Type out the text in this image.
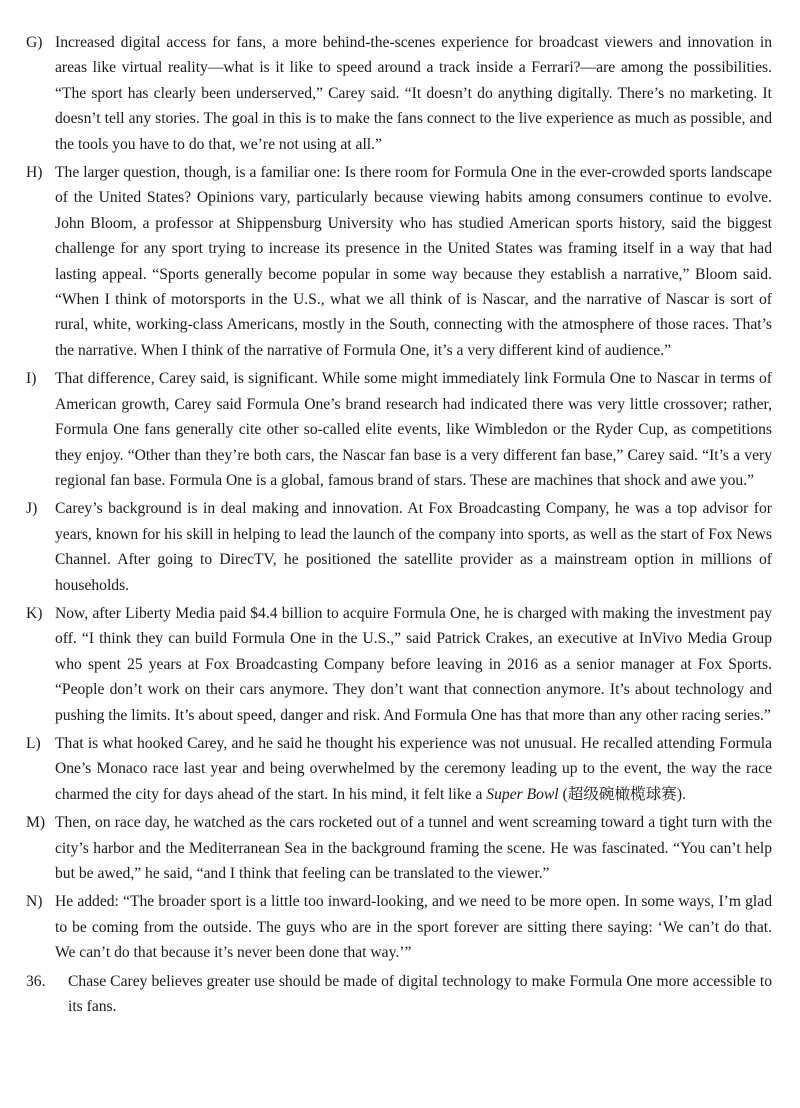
G) Increased digital access for fans, a more behind-the-scenes experience for broadcast viewers and innovation in areas like virtual reality—what is it like to speed around a track inside a Ferrari?—are among the possibilities. “The sport has clearly been underserved,” Carey said. “It doesn’t do anything digitally. There’s no marketing. It doesn’t tell any stories. The goal in this is to make the fans connect to the live experience as much as possible, and the tools you have to do that, we’re not using at all.”

H) The larger question, though, is a familiar one: Is there room for Formula One in the ever-crowded sports landscape of the United States? Opinions vary, particularly because viewing habits among consumers continue to evolve. John Bloom, a professor at Shippensburg University who has studied American sports history, said the biggest challenge for any sport trying to increase its presence in the United States was framing itself in a way that had lasting appeal. “Sports generally become popular in some way because they establish a narrative,” Bloom said. “When I think of motorsports in the U.S., what we all think of is Nascar, and the narrative of Nascar is sort of rural, white, working-class Americans, mostly in the South, connecting with the atmosphere of those races. That’s the narrative. When I think of the narrative of Formula One, it’s a very different kind of audience.”

I) That difference, Carey said, is significant. While some might immediately link Formula One to Nascar in terms of American growth, Carey said Formula One’s brand research had indicated there was very little crossover; rather, Formula One fans generally cite other so-called elite events, like Wimbledon or the Ryder Cup, as competitions they enjoy. “Other than they’re both cars, the Nascar fan base is a very different fan base,” Carey said. “It’s a very regional fan base. Formula One is a global, famous brand of stars. These are machines that shock and awe you.”

J) Carey’s background is in deal making and innovation. At Fox Broadcasting Company, he was a top advisor for years, known for his skill in helping to lead the launch of the company into sports, as well as the start of Fox News Channel. After going to DirecTV, he positioned the satellite provider as a mainstream option in millions of households.

K) Now, after Liberty Media paid $4.4 billion to acquire Formula One, he is charged with making the investment pay off. “I think they can build Formula One in the U.S.,” said Patrick Crakes, an executive at InVivo Media Group who spent 25 years at Fox Broadcasting Company before leaving in 2016 as a senior manager at Fox Sports. “People don’t work on their cars anymore. They don’t want that connection anymore. It’s about technology and pushing the limits. It’s about speed, danger and risk. And Formula One has that more than any other racing series.”

L) That is what hooked Carey, and he said he thought his experience was not unusual. He recalled attending Formula One’s Monaco race last year and being overwhelmed by the ceremony leading up to the event, the way the race charmed the city for days ahead of the start. In his mind, it felt like a Super Bowl (超级碗橄榄球赛).

M) Then, on race day, he watched as the cars rocketed out of a tunnel and went screaming toward a tight turn with the city’s harbor and the Mediterranean Sea in the background framing the scene. He was fascinated. “You can’t help but be awed,” he said, “and I think that feeling can be translated to the viewer.”

N) He added: “The broader sport is a little too inward-looking, and we need to be more open. In some ways, I’m glad to be coming from the outside. The guys who are in the sport forever are sitting there saying: ‘We can’t do that. We can’t do that because it’s never been done that way.’”

36. Chase Carey believes greater use should be made of digital technology to make Formula One more accessible to its fans.
